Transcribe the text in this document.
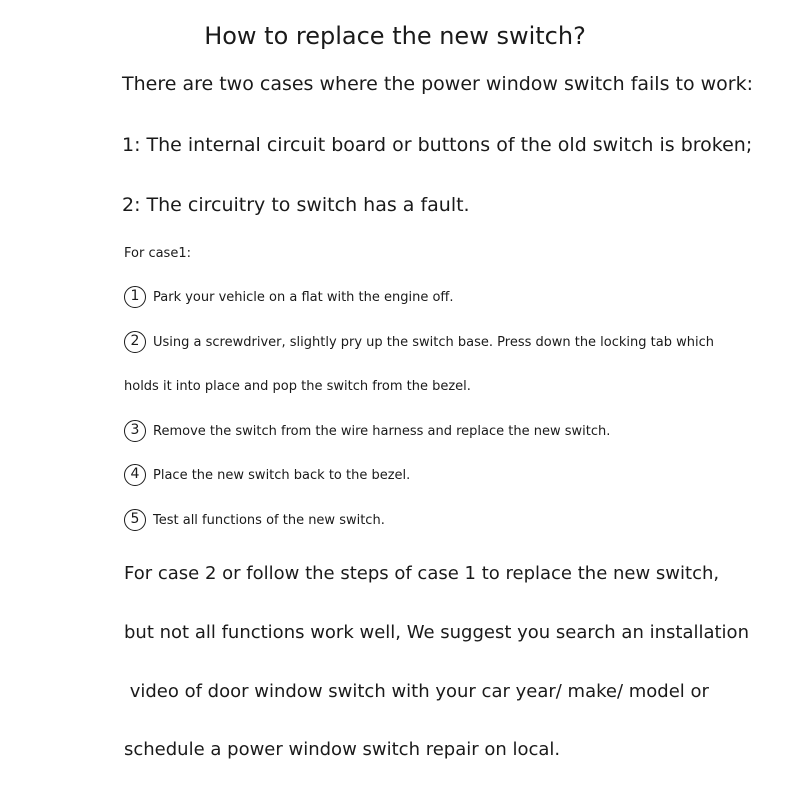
How to replace the new switch?
There are two cases where the power window switch fails to work:
1: The internal circuit board or buttons of the old switch is broken;
2: The circuitry to switch has a fault.
For case1:
1	Park your vehicle on a flat with the engine off.
2	Using a screwdriver, slightly pry up the switch base. Press down the locking tab which
holds it into place and pop the switch from the bezel.
3	Remove the switch from the wire harness and replace the new switch.
4	Place the new switch back to the bezel.
5	Test all functions of the new switch.
For case 2 or follow the steps of case 1 to replace the new switch,
but not all functions work well, We suggest you search an installation
video of door window switch with your car year/ make/ model or
schedule a power window switch repair on local.
